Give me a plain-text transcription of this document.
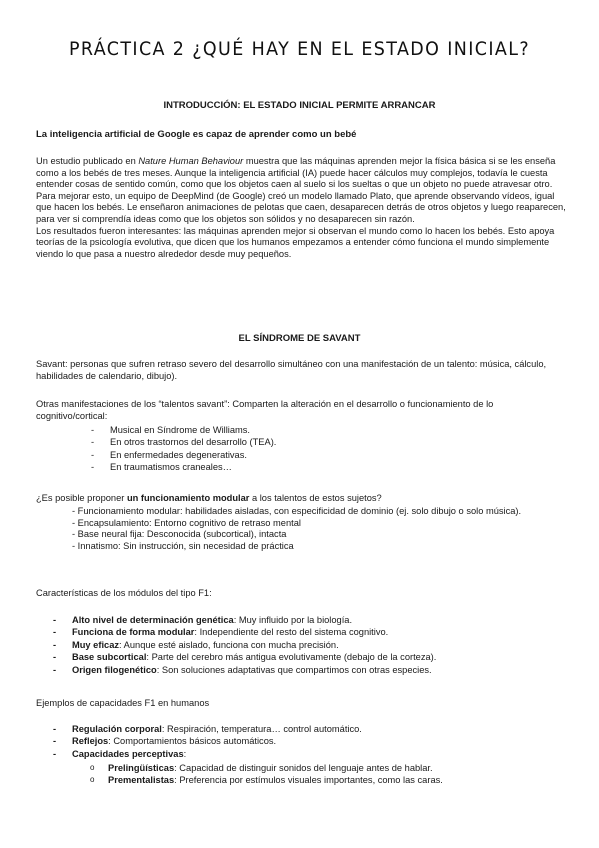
PRÁCTICA 2 ¿QUÉ HAY EN EL ESTADO INICIAL?
INTRODUCCIÓN: EL ESTADO INICIAL PERMITE ARRANCAR
La inteligencia artificial de Google es capaz de aprender como un bebé

Un estudio publicado en Nature Human Behaviour muestra que las máquinas aprenden mejor la física básica si se les enseña como a los bebés de tres meses. Aunque la inteligencia artificial (IA) puede hacer cálculos muy complejos, todavía le cuesta entender cosas de sentido común, como que los objetos caen al suelo si los sueltas o que un objeto no puede atravesar otro.

Para mejorar esto, un equipo de DeepMind (de Google) creó un modelo llamado Plato, que aprende observando vídeos, igual que hacen los bebés. Le enseñaron animaciones de pelotas que caen, desaparecen detrás de otros objetos y luego reaparecen, para ver si comprendía ideas como que los objetos son sólidos y no desaparecen sin razón.

Los resultados fueron interesantes: las máquinas aprenden mejor si observan el mundo como lo hacen los bebés. Esto apoya teorías de la psicología evolutiva, que dicen que los humanos empezamos a entender cómo funciona el mundo simplemente viendo lo que pasa a nuestro alrededor desde muy pequeños.

EL SÍNDROME DE SAVANT

Savant: personas que sufren retraso severo del desarrollo simultáneo con una manifestación de un talento: música, cálculo, habilidades de calendario, dibujo).

Otras manifestaciones de los “talentos savant”: Comparten la alteración en el desarrollo o funcionamiento de lo cognitivo/cortical:

- Musical en Síndrome de Williams.
- En otros trastornos del desarrollo (TEA).
- En enfermedades degenerativas.
- En traumatismos craneales…

¿Es posible proponer un funcionamiento modular a los talentos de estos sujetos?

- Funcionamiento modular: habilidades aisladas, con especificidad de dominio (ej. solo dibujo o solo música).

- Encapsulamiento: Entorno cognitivo de retraso mental

- Base neural fija: Desconocida (subcortical), intacta

- Innatismo: Sin instrucción, sin necesidad de práctica

Características de los módulos del tipo F1:

- Alto nivel de determinación genética: Muy influido por la biología.
- Funciona de forma modular: Independiente del resto del sistema cognitivo.
- Muy eficaz: Aunque esté aislado, funciona con mucha precisión.
- Base subcortical: Parte del cerebro más antigua evolutivamente (debajo de la corteza).
- Origen filogenético: Son soluciones adaptativas que compartimos con otras especies.

Ejemplos de capacidades F1 en humanos

- Regulación corporal: Respiración, temperatura… control automático.
- Reflejos: Comportamientos básicos automáticos.
- Capacidades perceptivas:
o Prelingüísticas: Capacidad de distinguir sonidos del lenguaje antes de hablar.
o Prementalistas: Preferencia por estímulos visuales importantes, como las caras.
